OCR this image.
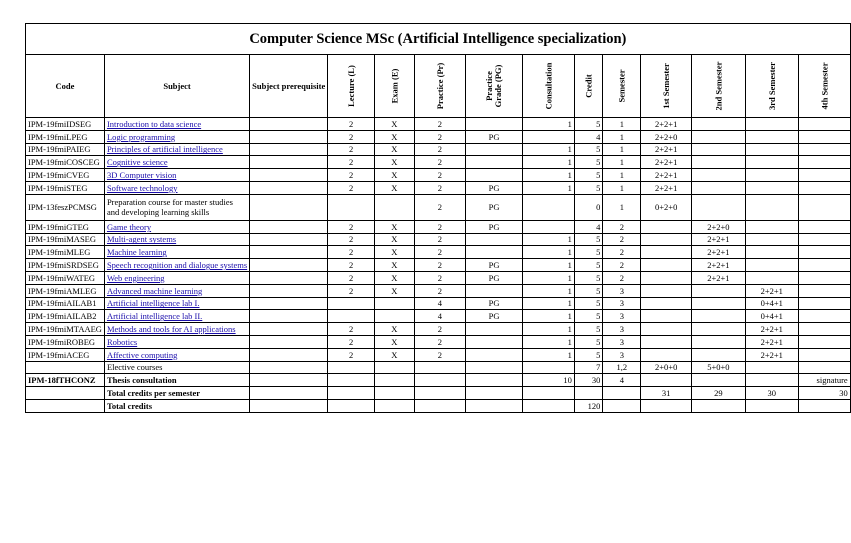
Computer Science MSc (Artificial Intelligence specialization)													
Code	Subject	Subject prerequisite	Lecture (L)	Exam (E)	Practice (Pr)	Practice Grade (PG)	Consultation	Credit	Semester	1st Semester	2nd Semester	3rd Semester	4th Semester
IPM-19fmiIDSEG	Introduction to data science		2	X	2		1	5	1	2+2+1			
IPM-19fmiLPEG	Logic programming		2	X	2	PG		4	1	2+2+0			
IPM-19fmiPAIEG	Principles of artificial intelligence		2	X	2		1	5	1	2+2+1			
IPM-19fmiCOSCEG	Cognitive science		2	X	2		1	5	1	2+2+1			
IPM-19fmiCVEG	3D Computer vision		2	X	2		1	5	1	2+2+1			
IPM-19fmiSTEG	Software technology		2	X	2	PG	1	5	1	2+2+1			
IPM-13feszPCMSG	Preparation course for master studies and developing learning skills				2	PG		0	1	0+2+0			
IPM-19fmiGTEG	Game theory		2	X	2	PG		4	2		2+2+0		
IPM-19fmiMASEG	Multi-agent systems		2	X	2		1	5	2		2+2+1		
IPM-19fmiMLEG	Machine learning		2	X	2		1	5	2		2+2+1		
IPM-19fmiSRDSEG	Speech recognition and dialogue systems		2	X	2	PG	1	5	2		2+2+1		
IPM-19fmiWATEG	Web engineering		2	X	2	PG	1	5	2		2+2+1		
IPM-19fmiAMLEG	Advanced machine learning		2	X	2		1	5	3			2+2+1	
IPM-19fmiAILAB1	Artificial intelligence lab I.				4	PG	1	5	3			0+4+1	
IPM-19fmiAILAB2	Artificial intelligence lab II.				4	PG	1	5	3			0+4+1	
IPM-19fmiMTAAEG	Methods and tools for AI applications		2	X	2		1	5	3			2+2+1	
IPM-19fmiROBEG	Robotics		2	X	2		1	5	3			2+2+1	
IPM-19fmiACEG	Affective computing		2	X	2		1	5	3			2+2+1	
	Elective courses							7	1,2	2+0+0	5+0+0		
IPM-18fTHCONZ	Thesis consultation						10	30	4				signature
	Total credits per semester									31	29	30	30
	Total credits							120					
